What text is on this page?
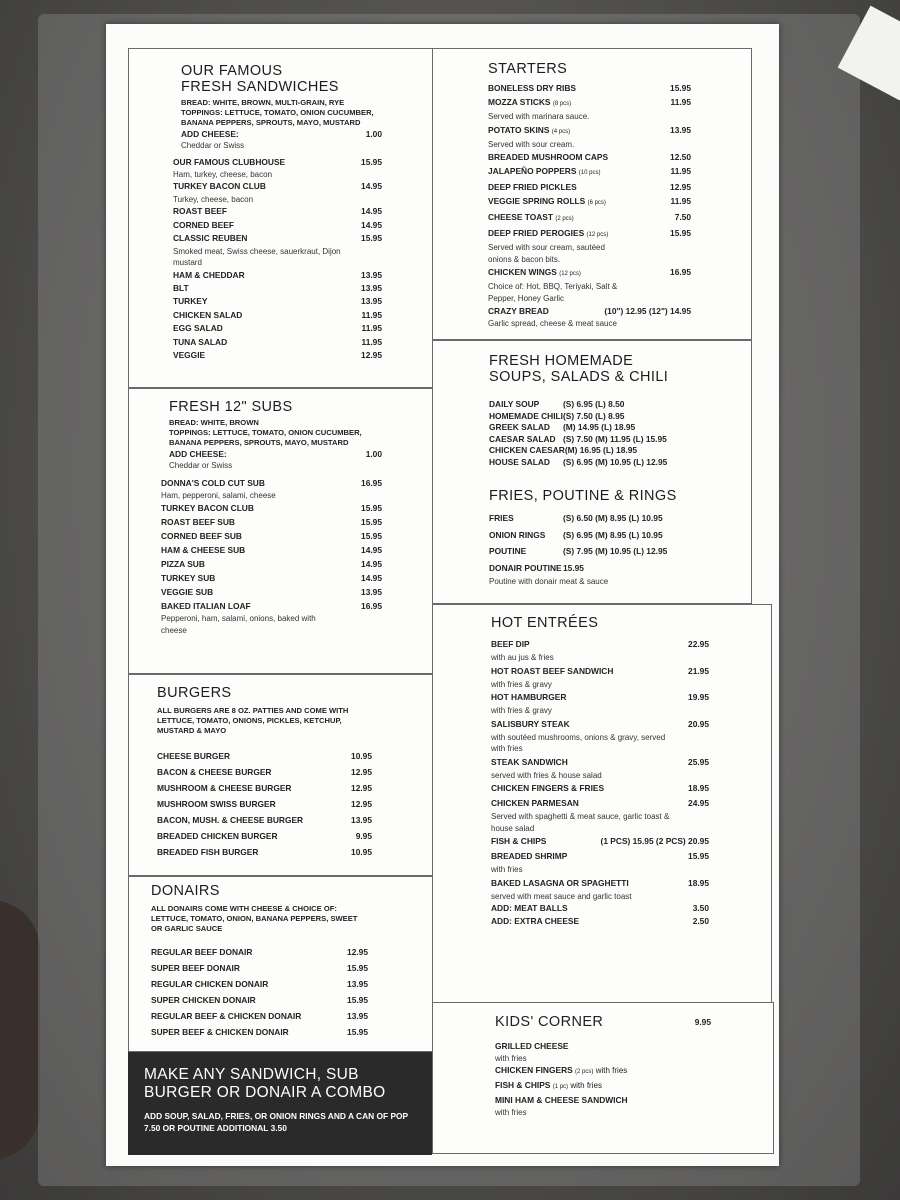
OUR FAMOUS
FRESH SANDWICHES
BREAD: WHITE, BROWN, MULTI-GRAIN, RYE
TOPPINGS: LETTUCE, TOMATO, ONION CUCUMBER, BANANA PEPPERS, SPROUTS, MAYO, MUSTARD
ADD CHEESE:	1.00
Cheddar or Swiss
OUR FAMOUS CLUBHOUSE	15.95
Ham, turkey, cheese, bacon
TURKEY BACON CLUB	14.95
Turkey, cheese, bacon
ROAST BEEF	14.95
CORNED BEEF	14.95
CLASSIC REUBEN	15.95
Smoked meat, Swiss cheese, sauerkraut, Dijon mustard
HAM & CHEDDAR	13.95
BLT	13.95
TURKEY	13.95
CHICKEN SALAD	11.95
EGG SALAD	11.95
TUNA SALAD	11.95
VEGGIE	12.95
FRESH 12" SUBS
BREAD: WHITE, BROWN
TOPPINGS: LETTUCE, TOMATO, ONION CUCUMBER, BANANA PEPPERS, SPROUTS, MAYO, MUSTARD
ADD CHEESE:	1.00
Cheddar or Swiss
DONNA'S COLD CUT SUB	16.95
Ham, pepperoni, salami, cheese
TURKEY BACON CLUB	15.95
ROAST BEEF SUB	15.95
CORNED BEEF SUB	15.95
HAM & CHEESE SUB	14.95
PIZZA SUB	14.95
TURKEY SUB	14.95
VEGGIE SUB	13.95
BAKED ITALIAN LOAF	16.95
Pepperoni, ham, salami, onions, baked with cheese
BURGERS
ALL BURGERS ARE 8 OZ. PATTIES AND COME WITH LETTUCE, TOMATO, ONIONS, PICKLES, KETCHUP, MUSTARD & MAYO
CHEESE BURGER	10.95
BACON & CHEESE BURGER	12.95
MUSHROOM & CHEESE BURGER	12.95
MUSHROOM SWISS BURGER	12.95
BACON, MUSH. & CHEESE BURGER	13.95
BREADED CHICKEN BURGER	9.95
BREADED FISH BURGER	10.95
DONAIRS
ALL DONAIRS COME WITH CHEESE & CHOICE OF: LETTUCE, TOMATO, ONION, BANANA PEPPERS, SWEET OR GARLIC SAUCE
REGULAR BEEF DONAIR	12.95
SUPER BEEF DONAIR	15.95
REGULAR CHICKEN DONAIR	13.95
SUPER CHICKEN DONAIR	15.95
REGULAR BEEF & CHICKEN DONAIR	13.95
SUPER BEEF & CHICKEN DONAIR	15.95
MAKE ANY SANDWICH, SUB BURGER OR DONAIR A COMBO
ADD SOUP, SALAD, FRIES, OR ONION RINGS AND A CAN OF POP 7.50 OR POUTINE ADDITIONAL 3.50
STARTERS
BONELESS DRY RIBS	15.95
MOZZA STICKS (8 pcs)	11.95
Served with marinara sauce.
POTATO SKINS (4 pcs)	13.95
Served with sour cream.
BREADED MUSHROOM CAPS	12.50
JALAPEÑO POPPERS (10 pcs)	11.95
DEEP FRIED PICKLES	12.95
VEGGIE SPRING ROLLS (6 pcs)	11.95
CHEESE TOAST (2 pcs)	7.50
DEEP FRIED PEROGIES (12 pcs)	15.95
Served with sour cream, sautéed onions & bacon bits.
CHICKEN WINGS (12 pcs)	16.95
Choice of: Hot, BBQ, Teriyaki, Salt & Pepper, Honey Garlic
CRAZY BREAD	(10") 12.95 (12") 14.95
Garlic spread, cheese & meat sauce
FRESH HOMEMADE
SOUPS, SALADS & CHILI
DAILY SOUP	(S) 6.95 (L) 8.50
HOMEMADE CHILI (S) 7.50 (L) 8.95
GREEK SALAD	(M) 14.95 (L) 18.95
CAESAR SALAD (S) 7.50 (M) 11.95 (L) 15.95
CHICKEN CAESAR (M) 16.95 (L) 18.95
HOUSE SALAD	(S) 6.95 (M) 10.95 (L) 12.95
FRIES, POUTINE & RINGS
FRIES	(S) 6.50 (M) 8.95 (L) 10.95
ONION RINGS	(S) 6.95 (M) 8.95 (L) 10.95
POUTINE	(S) 7.95 (M) 10.95 (L) 12.95
DONAIR POUTINE 15.95
Poutine with donair meat & sauce
HOT ENTRÉES
BEEF DIP	22.95
with au jus & fries
HOT ROAST BEEF SANDWICH	21.95
with fries & gravy
HOT HAMBURGER	19.95
with fries & gravy
SALISBURY STEAK	20.95
with soutéed mushrooms, onions & gravy, served with fries
STEAK SANDWICH	25.95
served with fries & house salad
CHICKEN FINGERS & FRIES	18.95
CHICKEN PARMESAN	24.95
Served with spaghetti & meat sauce, garlic toast & house salad
FISH & CHIPS	(1 PCS) 15.95 (2 PCS) 20.95
BREADED SHRIMP	15.95
with fries
BAKED LASAGNA OR SPAGHETTI	18.95
served with meat sauce and garlic toast
ADD: MEAT BALLS	3.50
ADD: EXTRA CHEESE	2.50
KIDS' CORNER	9.95
GRILLED CHEESE
with fries
CHICKEN FINGERS (2 pcs) with fries
FISH & CHIPS (1 pc) with fries
MINI HAM & CHEESE SANDWICH
with fries
